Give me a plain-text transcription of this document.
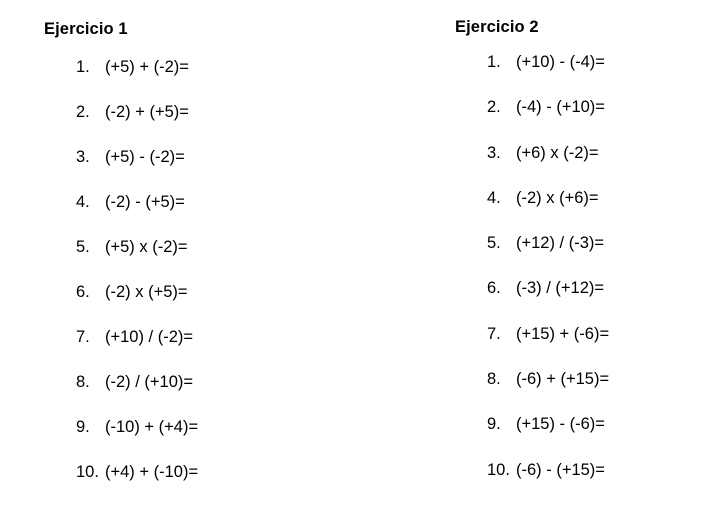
Ejercicio 1
1. (+5) + (-2)=
2. (-2) + (+5)=
3. (+5) - (-2)=
4. (-2) - (+5)=
5. (+5) x (-2)=
6. (-2) x (+5)=
7. (+10) / (-2)=
8. (-2) / (+10)=
9. (-10) + (+4)=
10. (+4) + (-10)=
Ejercicio 2
1. (+10) - (-4)=
2. (-4) - (+10)=
3. (+6) x (-2)=
4. (-2) x (+6)=
5. (+12) / (-3)=
6. (-3) / (+12)=
7. (+15) + (-6)=
8. (-6) + (+15)=
9. (+15) - (-6)=
10. (-6) - (+15)=
